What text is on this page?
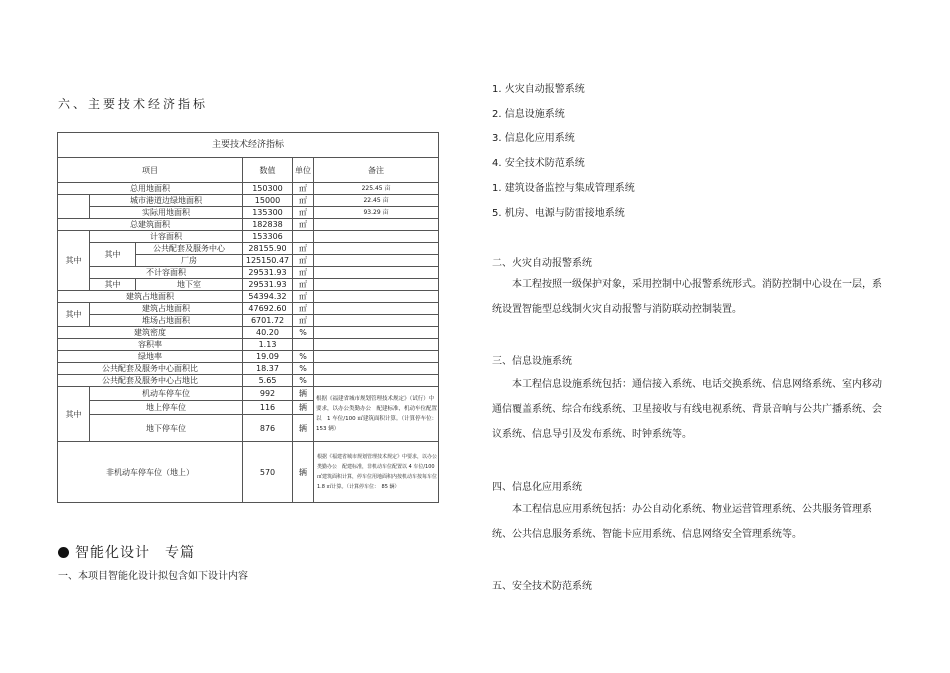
六、主要技术经济指标
主要技术经济指标					
项目			数值	单位	备注
总用地面积			150300	㎡	225.45 亩
	城市港道边绿地面积		15000	㎡	22.45 亩
	实际用地面积		135300	㎡	93.29 亩
总建筑面积			182838	㎡	
其中	计容面积		153306		
	其中	公共配套及服务中心	28155.90	㎡	
		厂房	125150.47	㎡	
	不计容面积		29531.93	㎡	
	其中	地下室	29531.93	㎡	
建筑占地面积			54394.32	㎡	
其中	建筑占地面积		47692.60	㎡	
	堆场占地面积		6701.72	㎡	
建筑密度			40.20	%	
容积率			1.13		
绿地率			19.09	%	
公共配套及服务中心面积比			18.37	%	
公共配套及服务中心占地比			5.65	%	
其中	机动车停车位		992	辆	根据《福建省城市规划管理技术规定》（试行）中要求，以办公类勤办公　配建标准，机动车位配置以　1 车位/100 ㎡建筑面积计算。（计算停车位：　153 辆）
	地上停车位		116	辆	
	地下停车位		876	辆	
非机动车停车位（地上）			570	辆	根据《福建省城市规划管理技术规定》中要求，以办公类勤办公　配建标准，非机动车位配置以 4 车位/100 ㎡建筑面积计算，停车位用地面积内按机动车按每车位　1.8 ㎡计算。（计算停车位：　85 辆）
智能化设计　专篇
一、本项目智能化设计拟包含如下设计内容
1. 火灾自动报警系统
2. 信息设施系统
3. 信息化应用系统
4. 安全技术防范系统
1. 建筑设备监控与集成管理系统
5. 机房、电源与防雷接地系统
二、火灾自动报警系统
本工程按照一级保护对象，采用控制中心报警系统形式。消防控制中心设在一层，系统设置智能型总线制火灾自动报警与消防联动控制装置。
三、信息设施系统
本工程信息设施系统包括：通信接入系统、电话交换系统、信息网络系统、室内移动通信覆盖系统、综合布线系统、卫星接收与有线电视系统、背景音响与公共广播系统、会议系统、信息导引及发布系统、时钟系统等。
四、信息化应用系统
本工程信息应用系统包括：办公自动化系统、物业运营管理系统、公共服务管理系统、公共信息服务系统、智能卡应用系统、信息网络安全管理系统等。
五、安全技术防范系统
